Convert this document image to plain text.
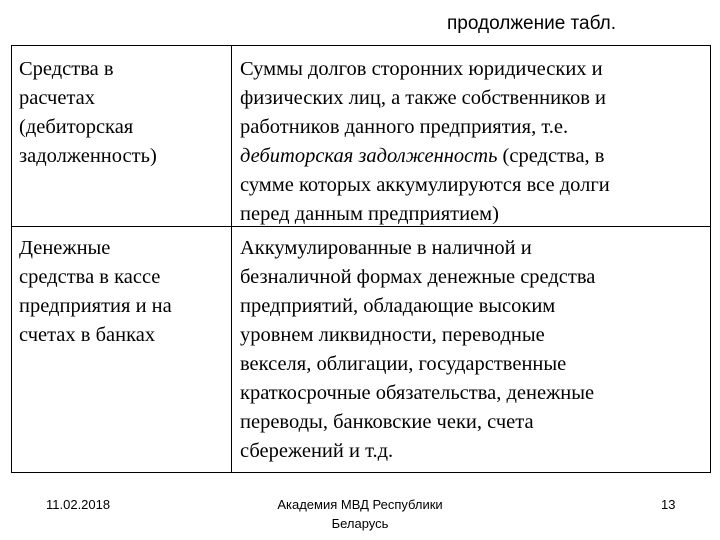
продолжение табл.
Средства в
расчетах
(дебиторская
задолженность)
Суммы долгов сторонних юридических и
физических лиц, а также собственников и
работников данного предприятия, т.е.
дебиторская задолженность (средства, в
сумме которых аккумулируются все долги
перед данным предприятием)
Денежные
средства в кассе
предприятия и на
счетах в банках
Аккумулированные в наличной и
безналичной формах денежные средства
предприятий, обладающие высоким
уровнем ликвидности, переводные
векселя, облигации, государственные
краткосрочные обязательства, денежные
переводы, банковские чеки, счета
сбережений и т.д.
11.02.2018	Академия МВД Республики
Беларусь
13
